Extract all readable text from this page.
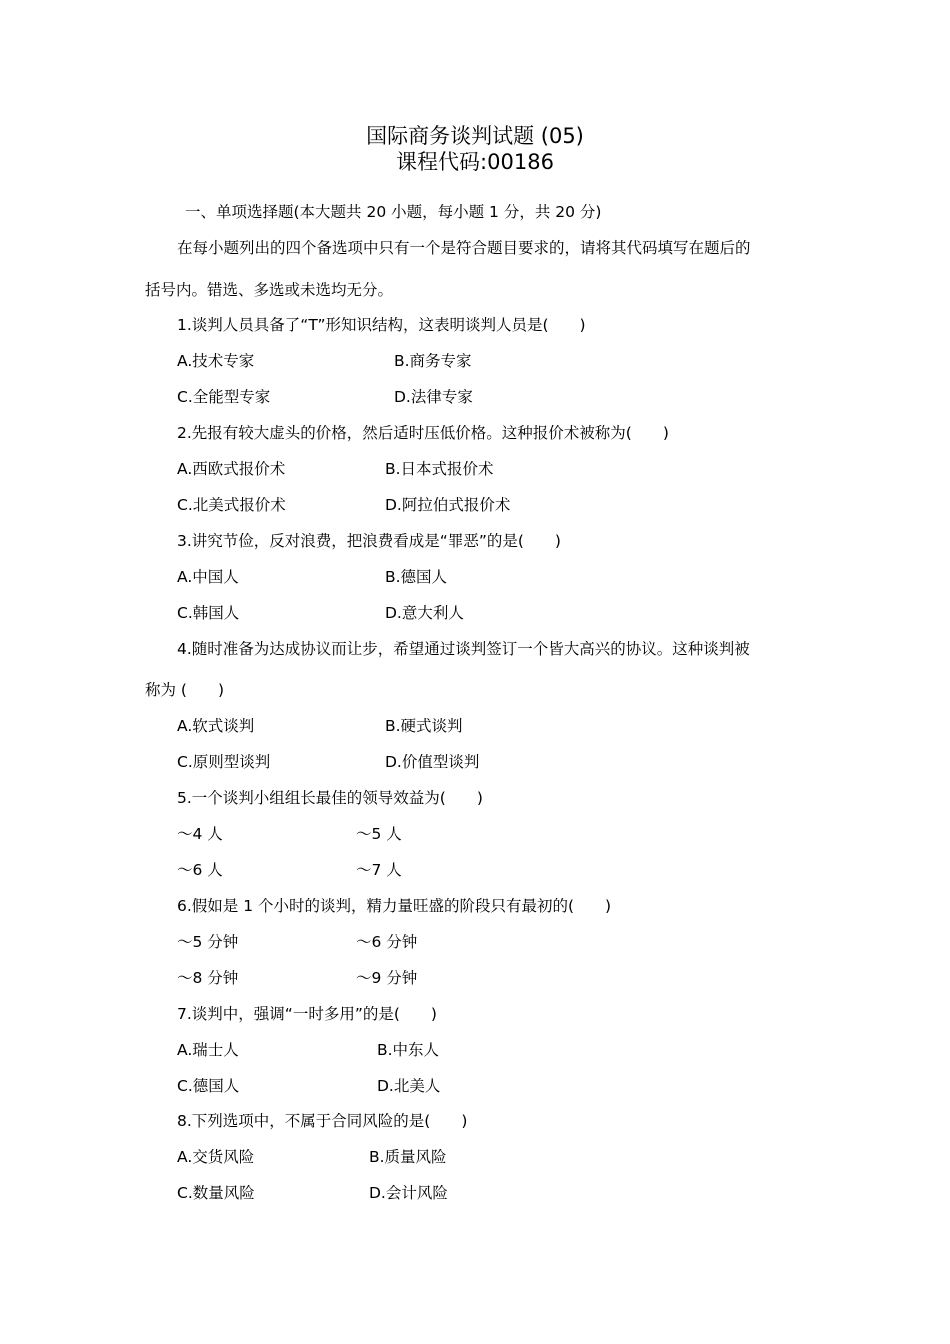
国际商务谈判试题 (05)
课程代码:00186
一、单项选择题(本大题共 20 小题，每小题 1 分，共 20 分)
在每小题列出的四个备选项中只有一个是符合题目要求的，请将其代码填写在题后的
括号内。错选、多选或未选均无分。
1.谈判人员具备了“T”形知识结构，这表明谈判人员是(　　)
A.技术专家	B.商务专家
C.全能型专家	D.法律专家
2.先报有较大虚头的价格，然后适时压低价格。这种报价术被称为(　　)
A.西欧式报价术	B.日本式报价术
C.北美式报价术	D.阿拉伯式报价术
3.讲究节俭，反对浪费，把浪费看成是“罪恶”的是(　　)
A.中国人	B.德国人
C.韩国人	D.意大利人
4.随时准备为达成协议而让步，希望通过谈判签订一个皆大高兴的协议。这种谈判被
称为 (　　)
A.软式谈判	B.硬式谈判
C.原则型谈判	D.价值型谈判
5.一个谈判小组组长最佳的领导效益为(　　)
～4 人	～5 人
～6 人	～7 人
6.假如是 1 个小时的谈判，精力量旺盛的阶段只有最初的(　　)
～5 分钟	～6 分钟
～8 分钟	～9 分钟
7.谈判中，强调“一时多用”的是(　　)
A.瑞士人	B.中东人
C.德国人	D.北美人
8.下列选项中，不属于合同风险的是(　　)
A.交货风险	B.质量风险
C.数量风险	D.会计风险
